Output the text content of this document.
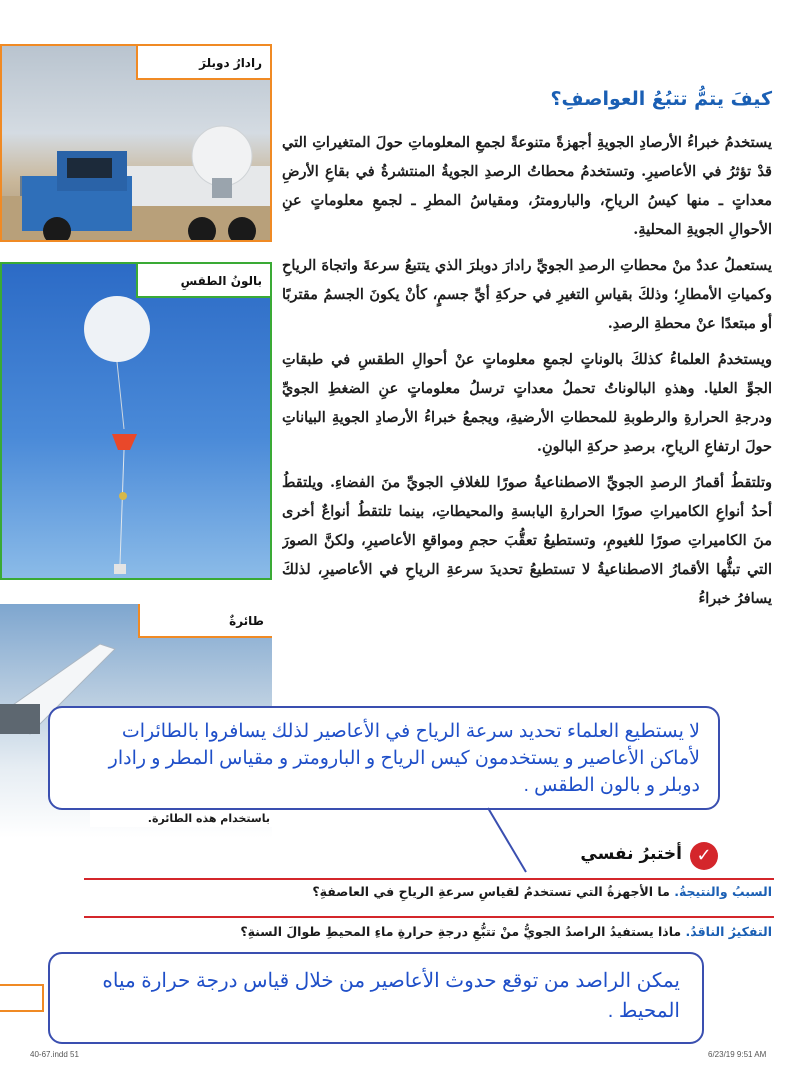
رادارُ دوبلرَ
بالونُ الطقسِ
طائرةٌ
باستخدام هذه الطائرة.
كيفَ يتمُّ تتبُعُ العواصفِ؟

يستخدمُ خبراءُ الأرصادِ الجويةِ أجهزةً متنوعةً لجمعِ المعلوماتِ حولَ المتغيراتِ التي قدْ تؤثرُ في الأعاصيرِ. وتستخدمُ محطاتُ الرصدِ الجويةُ المنتشرةُ في بقاعِ الأرضِ معداتٍ ـ منها كيسُ الرياحِ، والبارومترُ، ومقياسُ المطرِ ـ لجمعِ معلوماتٍ عنِ الأحوالِ الجويةِ المحليةِ.

يستعملُ عددٌ منْ محطاتِ الرصدِ الجويِّ رادارَ دوبلرَ الذي يتتبعُ سرعةَ واتجاهَ الرياحِ وكمياتِ الأمطارِ؛ وذلكَ بقياسِ التغيرِ في حركةِ أيِّ جسمٍ، كأنْ يكونَ الجسمُ مقتربًا أو مبتعدًا عنْ محطةِ الرصدِ.

ويستخدمُ العلماءُ كذلكَ بالوناتٍ لجمعِ معلوماتٍ عنْ أحوالِ الطقسِ في طبقاتِ الجوِّ العليا. وهذهِ البالوناتُ تحملُ معداتٍ ترسلُ معلوماتٍ عنِ الضغطِ الجويِّ ودرجةِ الحرارةِ والرطوبةِ للمحطاتِ الأرضيةِ، ويجمعُ خبراءُ الأرصادِ الجويةِ البياناتِ حولَ ارتفاعِ الرياحِ، برصدِ حركةِ البالونِ.

وتلتقطُ أقمارُ الرصدِ الجويِّ الاصطناعيةُ صورًا للغلافِ الجويِّ منَ الفضاءِ. ويلتقطُ أحدُ أنواعِ الكاميراتِ صورًا الحرارةِ اليابسةِ والمحيطاتِ، بينما تلتقطُ أنواعٌ أخرى منَ الكاميراتِ صورًا للغيومِ، وتستطيعُ تعقُّبَ حجمِ ومواقعِ الأعاصيرِ، ولكنَّ الصورَ التي تبثُّها الأقمارُ الاصطناعيةُ لا تستطيعُ تحديدَ سرعةِ الرياحِ في الأعاصيرِ، لذلكَ يسافرُ خبراءُ

لا يستطيع العلماء تحديد سرعة الرياح في الأعاصير لذلك يسافروا بالطائرات لأماكن الأعاصير و يستخدمون كيس الرياح و البارومتر و مقياس المطر و رادار دوبلر و بالون الطقس .
✓
أختبرُ نفسي
السببُ والنتيجةُ. ما الأجهزةُ التي تستخدمُ لقياسِ سرعةِ الرياحِ في العاصفةِ؟
التفكيرُ الناقدُ. ماذا يستفيدُ الراصدُ الجويُّ منْ تتبُّعِ درجةِ حرارةِ ماءِ المحيطِ طوالَ السنةِ؟
يمكن الراصد من توقع حدوث الأعاصير من خلال قياس درجة حرارة مياه المحيط .
40-67.indd 51	6/23/19 9:51 AM
